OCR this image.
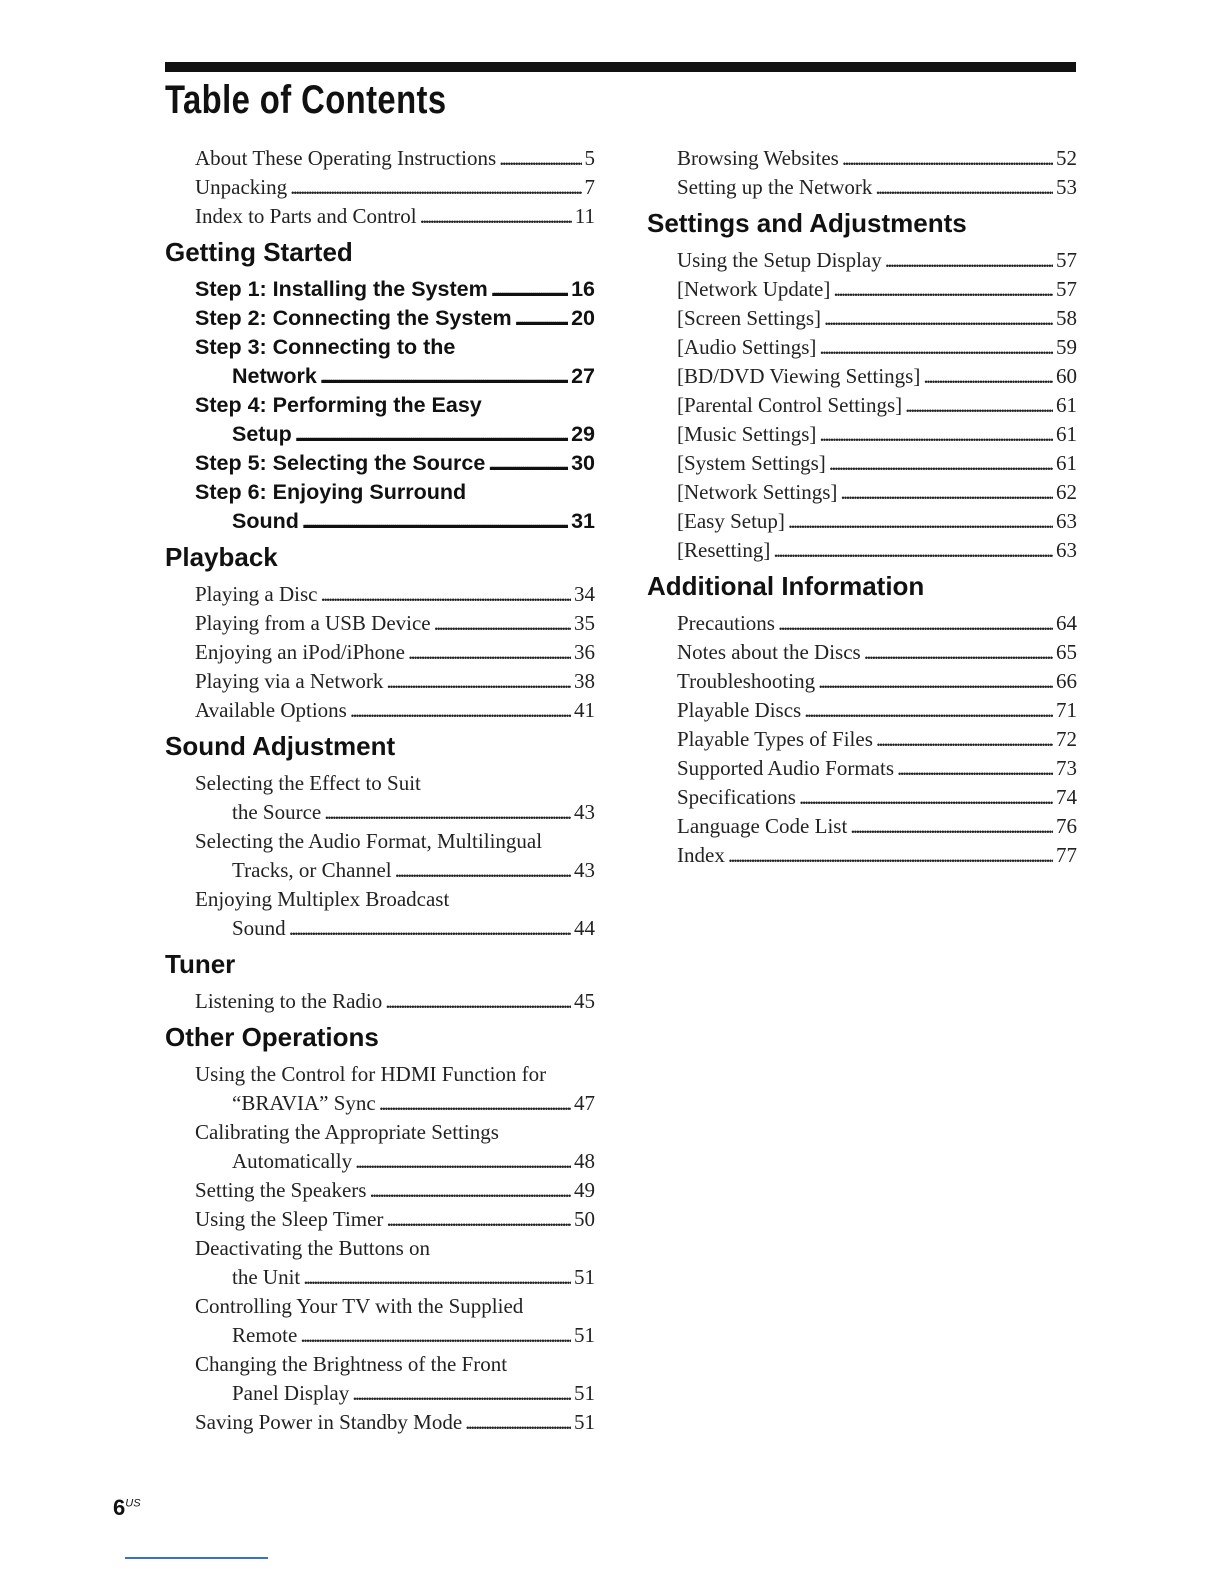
Table of Contents
About These Operating Instructions . . .	5
Unpacking . . .	7
Index to Parts and Control . . .	11
Getting Started
Step 1: Installing the System . . .	16
Step 2: Connecting the System . . .	20
Step 3: Connecting to the
Network . . .	27
Step 4: Performing the Easy
Setup . . .	29
Step 5: Selecting the Source . . .	30
Step 6: Enjoying Surround
Sound . . .	31
Playback
Playing a Disc . . .	34
Playing from a USB Device . . .	35
Enjoying an iPod/iPhone . . .	36
Playing via a Network . . .	38
Available Options . . .	41
Sound Adjustment
Selecting the Effect to Suit
the Source . . .	43
Selecting the Audio Format, Multilingual
Tracks, or Channel . . .	43
Enjoying Multiplex Broadcast
Sound . . .	44
Tuner
Listening to the Radio . . .	45
Other Operations
Using the Control for HDMI Function for
“BRAVIA” Sync . . .	47
Calibrating the Appropriate Settings
Automatically . . .	48
Setting the Speakers . . .	49
Using the Sleep Timer . . .	50
Deactivating the Buttons on
the Unit . . .	51
Controlling Your TV with the Supplied
Remote . . .	51
Changing the Brightness of the Front
Panel Display . . .	51
Saving Power in Standby Mode . . .	51
Browsing Websites . . .	52
Setting up the Network . . .	53
Settings and Adjustments
Using the Setup Display . . .	57
[Network Update] . . .	57
[Screen Settings] . . .	58
[Audio Settings] . . .	59
[BD/DVD Viewing Settings] . . .	60
[Parental Control Settings] . . .	61
[Music Settings] . . .	61
[System Settings] . . .	61
[Network Settings] . . .	62
[Easy Setup] . . .	63
[Resetting] . . .	63
Additional Information
Precautions . . .	64
Notes about the Discs . . .	65
Troubleshooting . . .	66
Playable Discs . . .	71
Playable Types of Files . . .	72
Supported Audio Formats . . .	73
Specifications . . .	74
Language Code List . . .	76
Index . . .	77
$6^{US}$
